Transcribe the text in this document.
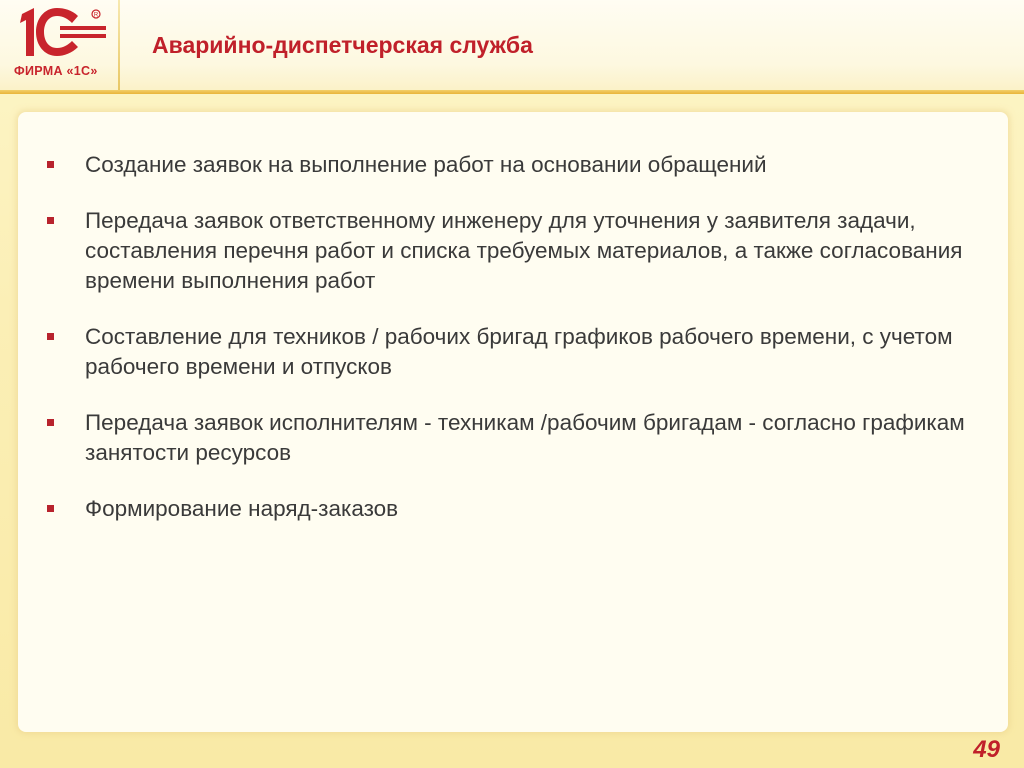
R
ФИРМА «1С»
Аварийно-диспетчерская служба
Создание заявок на выполнение работ на основании обращений
Передача заявок ответственному инженеру для уточнения у заявителя задачи, составления перечня работ и списка требуемых материалов, а также согласования времени выполнения работ
Составление для техников / рабочих бригад графиков рабочего времени, с учетом рабочего времени и отпусков
Передача заявок исполнителям - техникам /рабочим бригадам - согласно графикам занятости ресурсов
Формирование наряд-заказов
49
